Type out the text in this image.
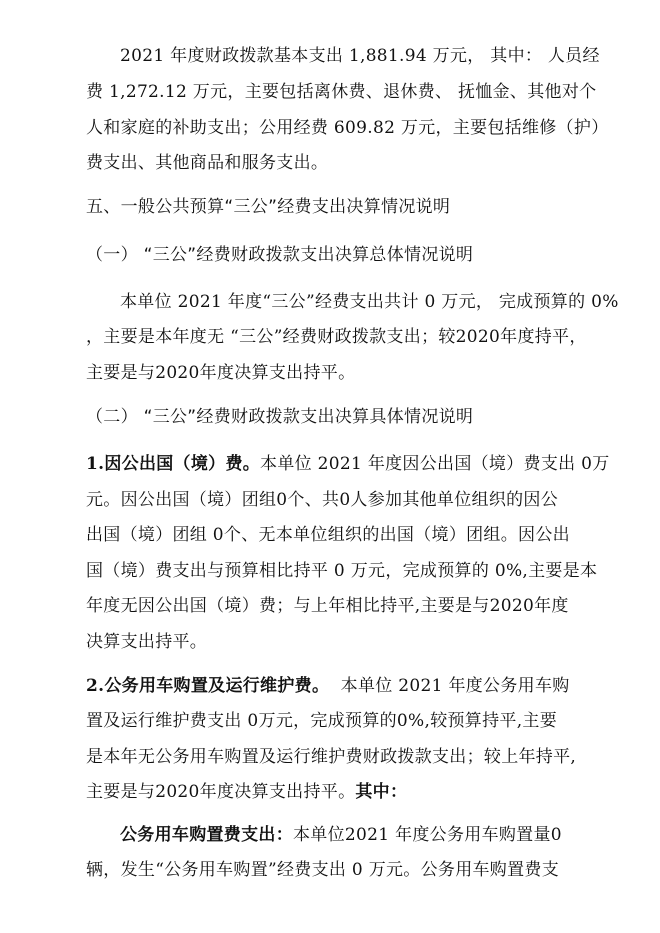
2021 年度财政拨款基本支出 1,881.94 万元， 其中： 人员经
费 1,272.12 万元，主要包括离休费、退休费、 抚恤金、其他对个
人和家庭的补助支出；公用经费 609.82 万元，主要包括维修（护）
费支出、其他商品和服务支出。
五、一般公共预算“三公”经费支出决算情况说明
（一） “三公”经费财政拨款支出决算总体情况说明
本单位 2021 年度“三公”经费支出共计 0 万元， 完成预算的 0%
，主要是本年度无 “三公”经费财政拨款支出；较2020年度持平，
主要是与2020年度决算支出持平。
（二） “三公”经费财政拨款支出决算具体情况说明
1.因公出国（境）费。本单位 2021 年度因公出国（境）费支出 0万
元。因公出国（境）团组0个、共0人参加其他单位组织的因公
出国（境）团组 0个、无本单位组织的出国（境）团组。因公出
国（境）费支出与预算相比持平 0 万元，完成预算的 0%,主要是本
年度无因公出国（境）费；与上年相比持平,主要是与2020年度
决算支出持平。
2.公务用车购置及运行维护费。 本单位 2021 年度公务用车购
置及运行维护费支出 0万元，完成预算的0%,较预算持平,主要
是本年无公务用车购置及运行维护费财政拨款支出；较上年持平,
主要是与2020年度决算支出持平。其中：
公务用车购置费支出：本单位2021 年度公务用车购置量0
辆，发生“公务用车购置”经费支出 0 万元。公务用车购置费支
